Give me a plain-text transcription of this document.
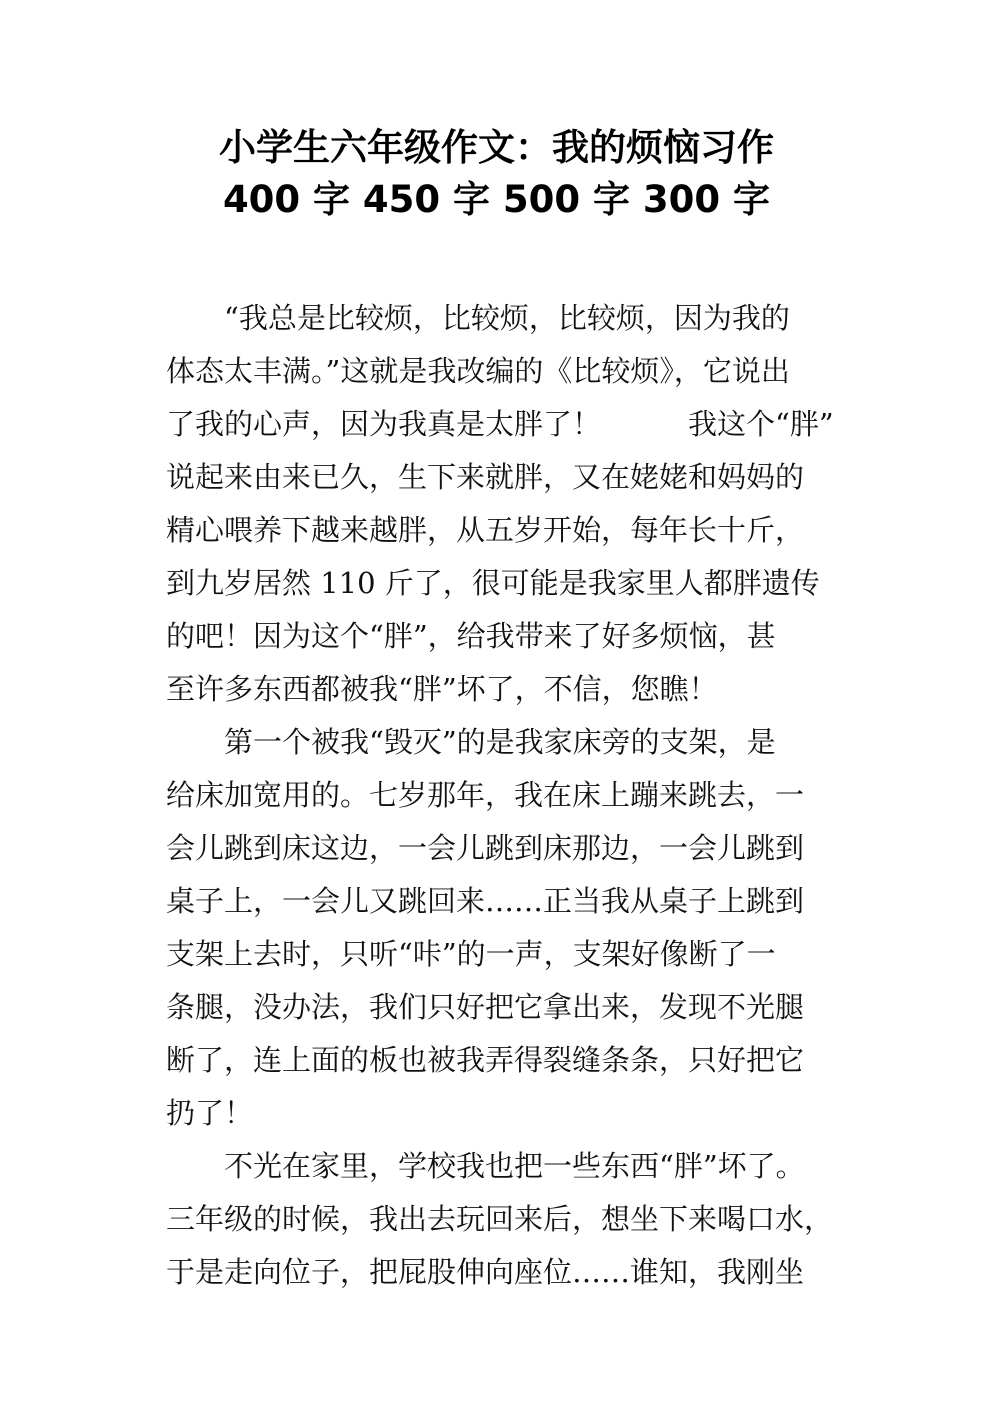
小学生六年级作文：我的烦恼习作
400 字 450 字 500 字 300 字
　　“我总是比较烦，比较烦，比较烦，因为我的
体态太丰满。”这就是我改编的《比较烦》，它说出
了我的心声，因为我真是太胖了！　　　我这个“胖”
说起来由来已久，生下来就胖，又在姥姥和妈妈的
精心喂养下越来越胖，从五岁开始，每年长十斤，
到九岁居然 110 斤了，很可能是我家里人都胖遗传
的吧！因为这个“胖”，给我带来了好多烦恼，甚
至许多东西都被我“胖”坏了，不信，您瞧！
　　第一个被我“毁灭”的是我家床旁的支架，是
给床加宽用的。七岁那年，我在床上蹦来跳去，一
会儿跳到床这边，一会儿跳到床那边，一会儿跳到
桌子上，一会儿又跳回来……正当我从桌子上跳到
支架上去时，只听“咔”的一声，支架好像断了一
条腿，没办法，我们只好把它拿出来，发现不光腿
断了，连上面的板也被我弄得裂缝条条，只好把它
扔了！
　　不光在家里，学校我也把一些东西“胖”坏了。
三年级的时候，我出去玩回来后，想坐下来喝口水，
于是走向位子，把屁股伸向座位……谁知，我刚坐
